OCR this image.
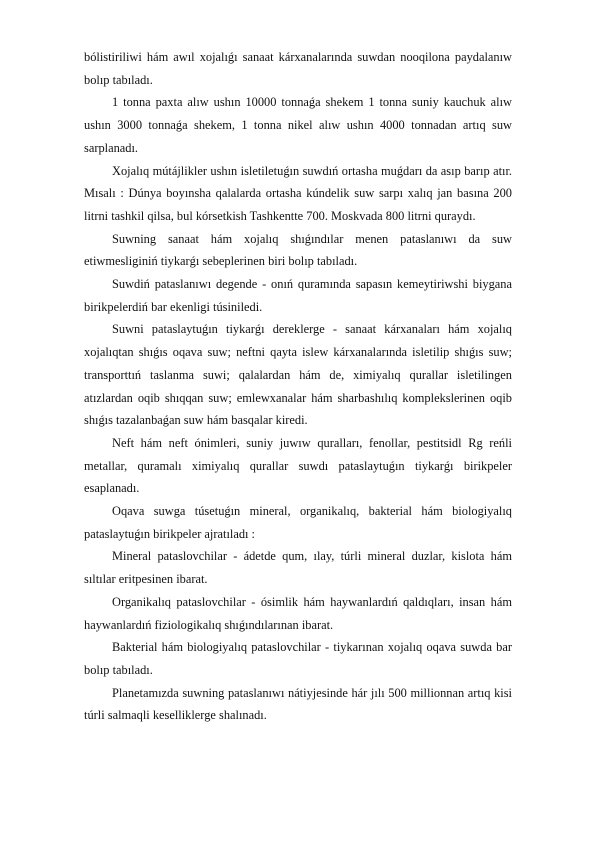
bólistiriliwi hám awıl xojalıǵı sanaat kárxanalarında suwdan nooqilona paydalanıw bolıp tabıladı.

1 tonna paxta alıw ushın 10000 tonnaǵa shekem 1 tonna suniy kauchuk alıw ushın 3000 tonnaǵa shekem, 1 tonna nikel alıw ushın 4000 tonnadan artıq suw sarplanadı.

Xojalıq mútájlikler ushın isletiletuǵın suwdıń ortasha muǵdarı da asıp barıp atır. Mısalı : Dúnya boyınsha qalalarda ortasha kúndelik suw sarpı xalıq jan basına 200 litrni tashkil qilsa, bul kórsetkish Tashkentte 700. Moskvada 800 litrni quraydı.

Suwning sanaat hám xojalıq shıǵındılar menen pataslanıwı da suw etiwmesliginiń tiykarǵı sebeplerinen biri bolıp tabıladı.

Suwdiń pataslanıwı degende - onıń quramında sapasın kemeytiriwshi biygana birikpelerdiń bar ekenligi túsiniledi.

Suwni pataslaytuǵın tiykarǵı dereklerge - sanaat kárxanaları hám xojalıq xojalıqtan shıǵıs oqava suw; neftni qayta islew kárxanalarında isletilip shıǵıs suw; transporttıń taslanma suwi; qalalardan hám de, ximiyalıq qurallar isletilingen atızlardan oqib shıqqan suw; emlewxanalar hám sharbashılıq komplekslerinen oqib shıǵıs tazalanbaǵan suw hám basqalar kiredi.

Neft hám neft ónimleri, suniy juwıw quralları, fenollar, pestitsidl Rg reńli metallar, quramalı ximiyalıq qurallar suwdı pataslaytuǵın tiykarǵı birikpeler esaplanadı.

Oqava suwga túsetuǵın mineral, organikalıq, bakterial hám biologiyalıq pataslaytuǵın birikpeler ajratıladı :

Mineral pataslovchilar - ádetde qum, ılay, túrli mineral duzlar, kislota hám sıltılar eritpesinen ibarat.

Organikalıq pataslovchilar - ósimlik hám haywanlardıń qaldıqları, insan hám haywanlardıń fiziologikalıq shıǵındılarınan ibarat.

Bakterial hám biologiyalıq pataslovchilar - tiykarınan xojalıq oqava suwda bar bolıp tabıladı.

Planetamızda suwning pataslanıwı nátiyjesinde hár jılı 500 millionnan artıq kisi túrli salmaqli keselliklerge shalınadı.
